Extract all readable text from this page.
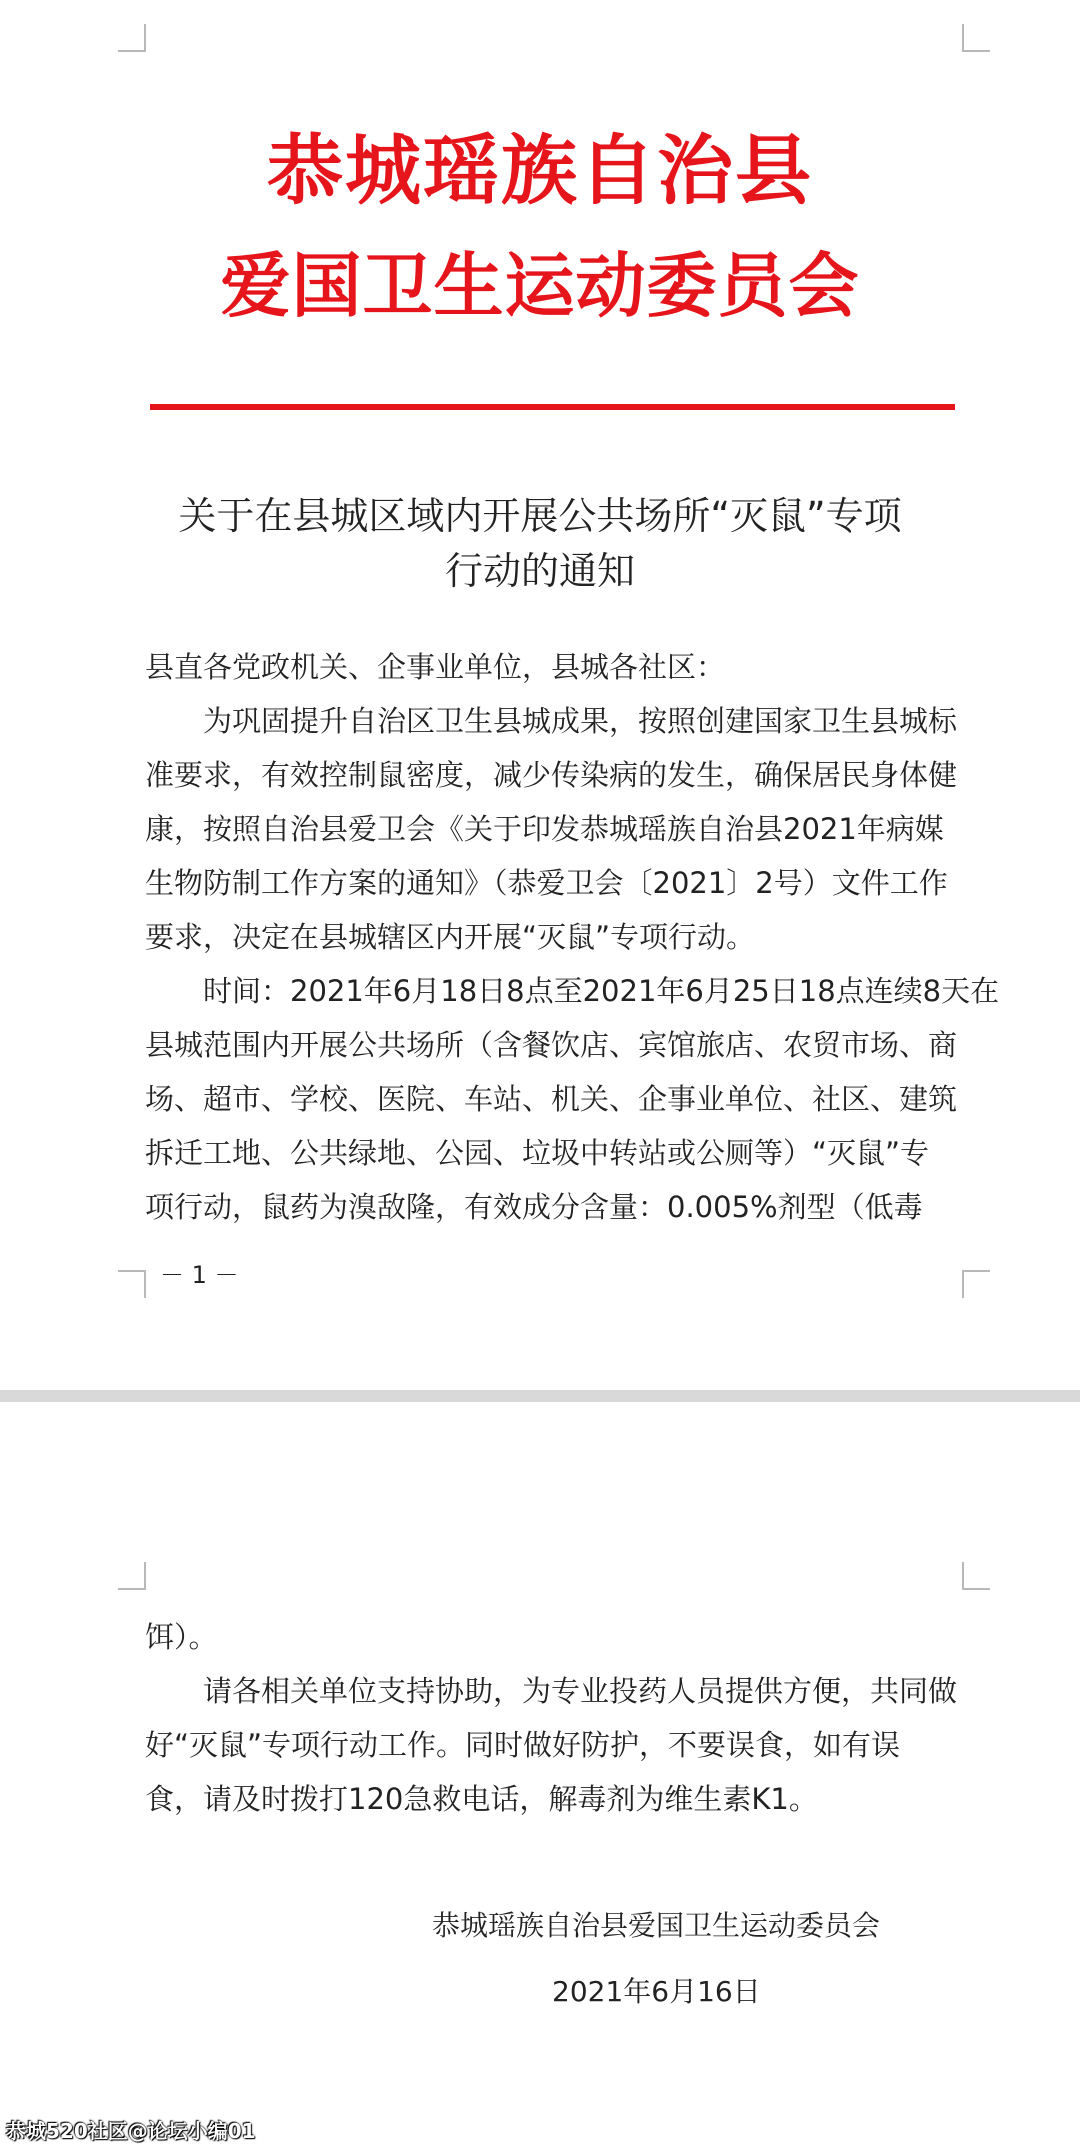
恭城瑶族自治县
爱国卫生运动委员会
关于在县城区域内开展公共场所“灭鼠”专项
行动的通知
县直各党政机关、企事业单位，县城各社区：
　　为巩固提升自治区卫生县城成果，按照创建国家卫生县城标
准要求，有效控制鼠密度，减少传染病的发生，确保居民身体健
康，按照自治县爱卫会《关于印发恭城瑶族自治县2021年病媒
生物防制工作方案的通知》（恭爱卫会〔2021〕2号）文件工作
要求，决定在县城辖区内开展“灭鼠”专项行动。
　　时间：2021年6月18日8点至2021年6月25日18点连续8天在
县城范围内开展公共场所（含餐饮店、宾馆旅店、农贸市场、商
场、超市、学校、医院、车站、机关、企事业单位、社区、建筑
拆迁工地、公共绿地、公园、垃圾中转站或公厕等）“灭鼠”专
项行动，鼠药为溴敌隆，有效成分含量：0.005%剂型（低毒
－ 1 －
饵）。
　　请各相关单位支持协助，为专业投药人员提供方便，共同做
好“灭鼠”专项行动工作。同时做好防护，不要误食，如有误
食，请及时拨打120急救电话，解毒剂为维生素K1。
恭城瑶族自治县爱国卫生运动委员会
2021年6月16日
恭城520社区@论坛小编01
